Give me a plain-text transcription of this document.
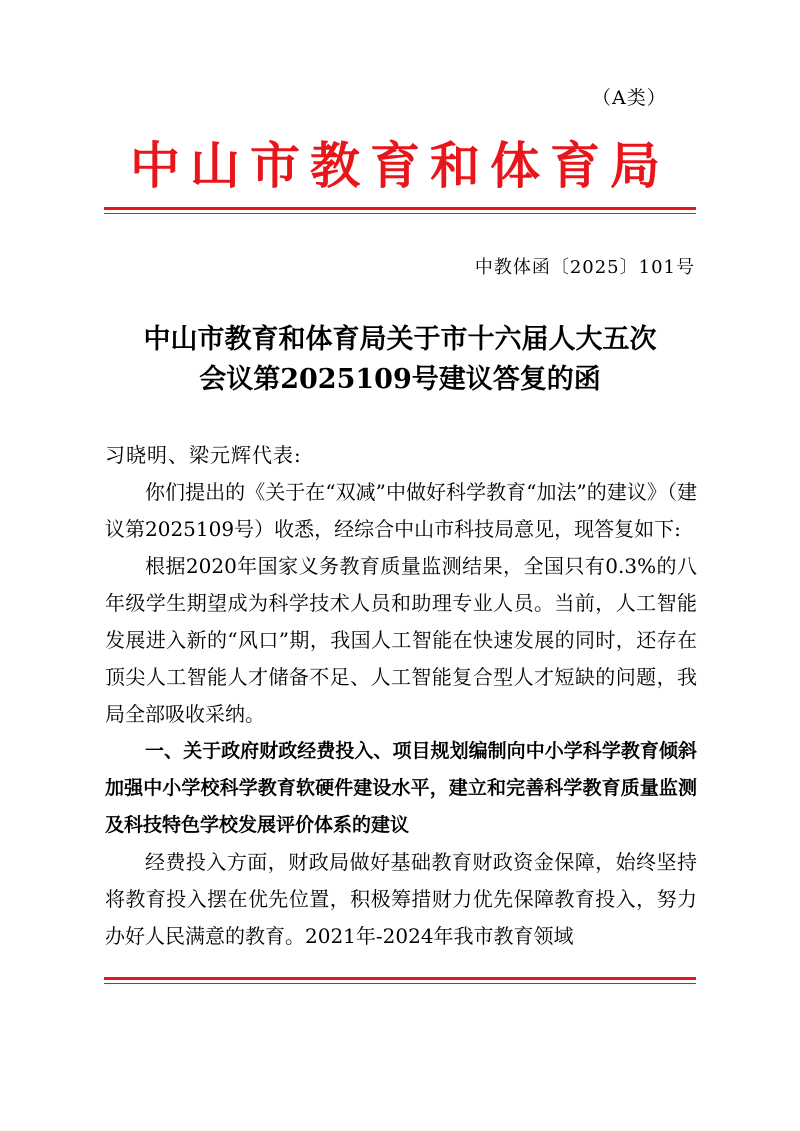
（A类）
中山市教育和体育局
中教体函〔2025〕101号
中山市教育和体育局关于市十六届人大五次
会议第2025109号建议答复的函

习晓明、梁元辉代表:

你们提出的《关于在“双减”中做好科学教育“加法”的建议》（建议第2025109号）收悉，经综合中山市科技局意见，现答复如下:

根据2020年国家义务教育质量监测结果，全国只有0.3%的八年级学生期望成为科学技术人员和助理专业人员。当前，人工智能发展进入新的“风口”期，我国人工智能在快速发展的同时，还存在顶尖人工智能人才储备不足、人工智能复合型人才短缺的问题，我局全部吸收采纳。

一、关于政府财政经费投入、项目规划编制向中小学科学教育倾斜加强中小学校科学教育软硬件建设水平，建立和完善科学教育质量监测及科技特色学校发展评价体系的建议

经费投入方面，财政局做好基础教育财政资金保障，始终坚持将教育投入摆在优先位置，积极筹措财力优先保障教育投入，努力办好人民满意的教育。2021年-2024年我市教育领域
